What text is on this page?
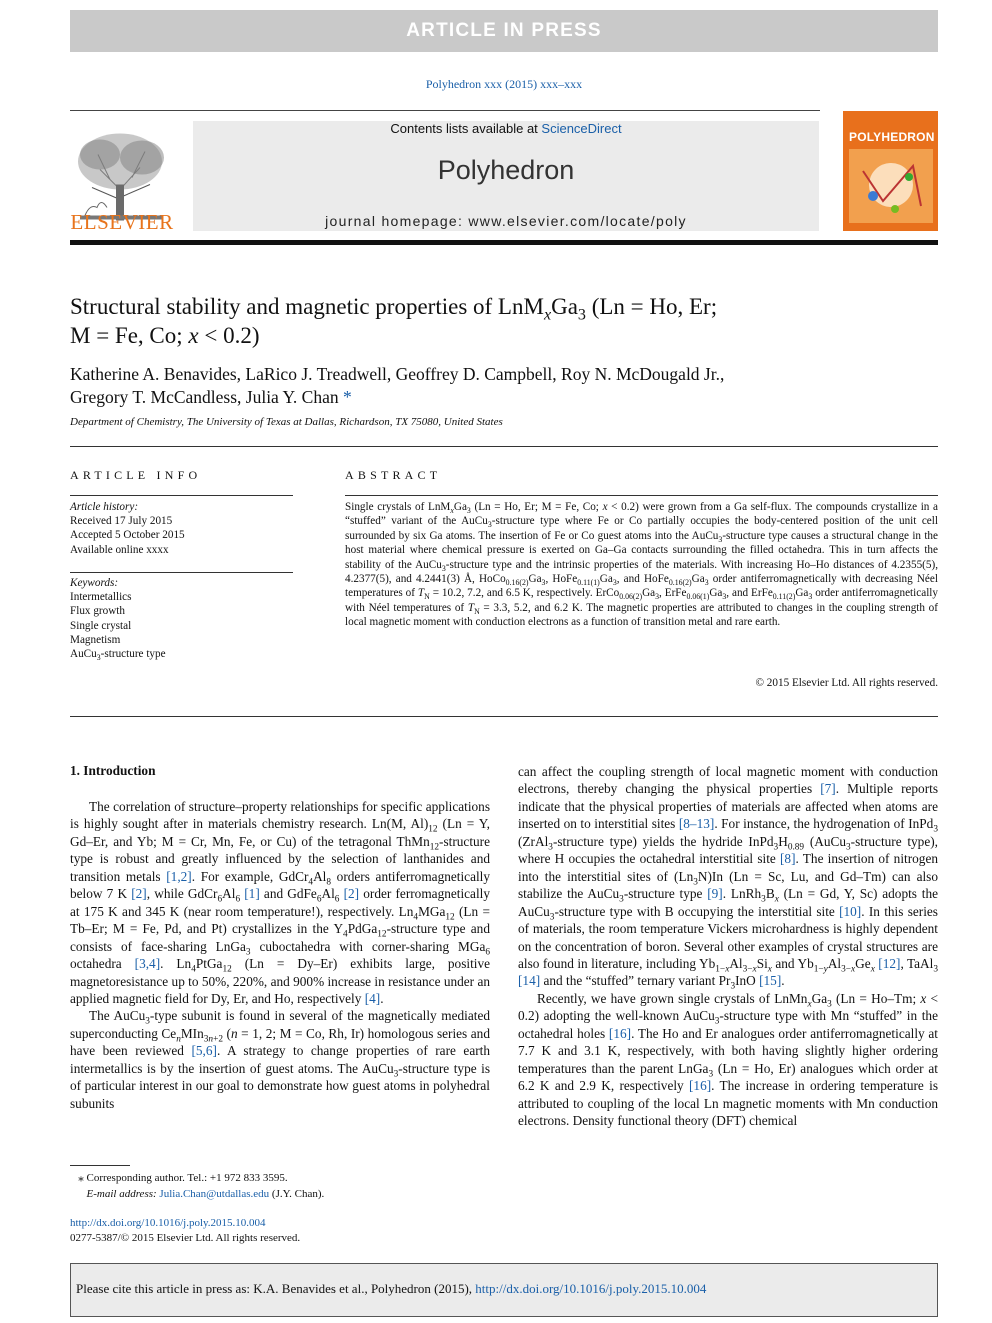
ARTICLE IN PRESS
Polyhedron xxx (2015) xxx–xxx
ELSEVIER
Contents lists available at ScienceDirect
Polyhedron
journal homepage: www.elsevier.com/locate/poly
POLYHEDRON
Structural stability and magnetic properties of $LnM_xGa_3$ (Ln = Ho, Er;
M = Fe, Co; x < 0.2)
Katherine A. Benavides, LaRico J. Treadwell, Geoffrey D. Campbell, Roy N. McDougald Jr.,
Gregory T. McCandless, Julia Y. Chan *
Department of Chemistry, The University of Texas at Dallas, Richardson, TX 75080, United States
ARTICLE INFO
Article history:
Received 17 July 2015
Accepted 5 October 2015
Available online xxxx
Keywords:
Intermetallics
Flux growth
Single crystal
Magnetism
AuCu$_3$-structure type
ABSTRACT
Single crystals of $LnM_xGa_3$ (Ln = Ho, Er; M = Fe, Co; x < 0.2) were grown from a Ga self-flux. The compounds crystallize in a “stuffed” variant of the AuCu$_3$-structure type where Fe or Co partially occupies the body-centered position of the unit cell surrounded by six Ga atoms. The insertion of Fe or Co guest atoms into the AuCu$_3$-structure type causes a structural change in the host material where chemical pressure is exerted on Ga–Ga contacts surrounding the filled octahedra. This in turn affects the stability of the AuCu$_3$-structure type and the intrinsic properties of the materials. With increasing Ho–Ho distances of 4.2355(5), 4.2377(5), and 4.2441(3) Å, $HoCo_{0.16(2)}Ga_3$, $HoFe_{0.11(1)}Ga_3$, and $HoFe_{0.16(2)}Ga_3$ order antiferromagnetically with decreasing Néel temperatures of $T_N = 10.2$, 7.2, and 6.5 K, respectively. $ErCo_{0.06(2)}Ga_3$, $ErFe_{0.06(1)}Ga_3$, and $ErFe_{0.11(2)}Ga_3$ order antiferromagnetically with Néel temperatures of $T_N = 3.3$, 5.2, and 6.2 K. The magnetic properties are attributed to changes in the coupling strength of local magnetic moment with conduction electrons as a function of transition metal and rare earth.
© 2015 Elsevier Ltd. All rights reserved.
1. Introduction

The correlation of structure–property relationships for specific applications is highly sought after in materials chemistry research. Ln(M, $Al)_{12}$ (Ln = Y, Gd–Er, and Yb; M = Cr, Mn, Fe, or Cu) of the tetragonal ThMn$_{12}$-structure type is robust and greatly influenced by the selection of lanthanides and transition metals [1,2]. For example, $GdCr_4Al_8$ orders antiferromagnetically below 7 K [2], while $GdCr_6Al_6$ [1] and $GdFe_6Al_6$ [2] order ferromagnetically at 175 K and 345 K (near room temperature!), respectively. $Ln_4MGa_{12}$ (Ln = Tb–Er; M = Fe, Pd, and Pt) crystallizes in the $Y_4PdGa_{12}$-structure type and consists of face-sharing LnGa$_3$ cuboctahedra with corner-sharing MGa$_6$ octahedra [3,4]. $Ln_4PtGa_{12}$ (Ln = Dy–Er) exhibits large, positive magnetoresistance up to 50%, 220%, and 900% increase in resistance under an applied magnetic field for Dy, Er, and Ho, respectively [4].

The AuCu$_3$-type subunit is found in several of the magnetically mediated superconducting $Ce_nMIn_{3n+2}$ (n = 1, 2; M = Co, Rh, Ir) homologous series and have been reviewed [5,6]. A strategy to change properties of rare earth intermetallics is by the insertion of guest atoms. The AuCu$_3$-structure type is of particular interest in our goal to demonstrate how guest atoms in polyhedral subunits

can affect the coupling strength of local magnetic moment with conduction electrons, thereby changing the physical properties [7]. Multiple reports indicate that the physical properties of materials are affected when atoms are inserted on to interstitial sites [8–13]. For instance, the hydrogenation of InPd$_3$ (ZrAl$_3$-structure type) yields the hydride $InPd_3H_{0.89}$ (AuCu$_3$-structure type), where H occupies the octahedral interstitial site [8]. The insertion of nitrogen into the interstitial sites of $(Ln_3N)In$ (Ln = Sc, Lu, and Gd–Tm) can also stabilize the AuCu$_3$-structure type [9]. $LnRh_3B_x$ (Ln = Gd, Y, Sc) adopts the AuCu$_3$-structure type with B occupying the interstitial site [10]. In this series of materials, the room temperature Vickers microhardness is highly dependent on the concentration of boron. Several other examples of crystal structures are also found in literature, including $Yb_{1-x}Al_{3-x}Si_x$ and $Yb_{1-y}Al_{3-x}Ge_x$ [12], TaAl$_3$ [14] and the “stuffed” ternary variant $Pr_3InO$ [15].

Recently, we have grown single crystals of $LnMn_xGa_3$ (Ln = Ho–Tm; x < 0.2) adopting the well-known AuCu$_3$-structure type with Mn “stuffed” in the octahedral holes [16]. The Ho and Er analogues order antiferromagnetically at 7.7 K and 3.1 K, respectively, with both having slightly higher ordering temperatures than the parent LnGa$_3$ (Ln = Ho, Er) analogues which order at 6.2 K and 2.9 K, respectively [16]. The increase in ordering temperature is attributed to coupling of the local Ln magnetic moments with Mn conduction electrons. Density functional theory (DFT) chemical

⁎ Corresponding author. Tel.: +1 972 833 3595.
E-mail address: Julia.Chan@utdallas.edu (J.Y. Chan).
http://dx.doi.org/10.1016/j.poly.2015.10.004
0277-5387/© 2015 Elsevier Ltd. All rights reserved.
Please cite this article in press as: K.A. Benavides et al., Polyhedron (2015), http://dx.doi.org/10.1016/j.poly.2015.10.004
